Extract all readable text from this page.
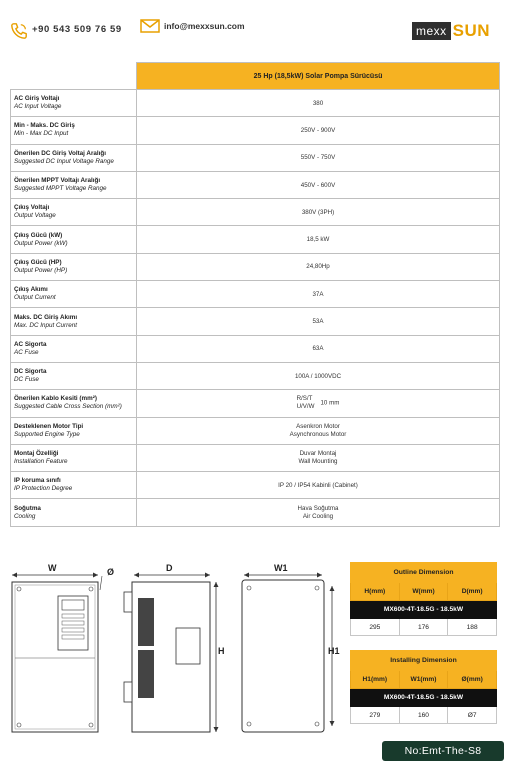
+90 543 509 76 59	info@mexxsun.com	mexx SUN
	25 Hp (18,5kW) Solar Pompa Sürücüsü

AC Giriş Voltajı
AC Input Voltage	380

Min - Maks. DC Giriş
Min - Max DC Input	250V - 900V

Önerilen DC Giriş Voltaj Aralığı
Suggested DC Input Voltage Range	550V - 750V

Önerilen MPPT Voltajı Aralığı
Suggested MPPT Voltage Range	450V - 600V

Çıkış Voltajı
Output Voltage	380V (3PH)

Çıkış Gücü (kW)
Output Power (kW)	18,5 kW

Çıkış Gücü (HP)
Output Power (HP)	24,80Hp

Çıkış Akımı
Output Current	37A

Maks. DC Giriş Akımı
Max. DC Input Current	53A

AC Sigorta
AC Fuse	63A

DC Sigorta
DC Fuse	100A / 1000VDC

Önerilen Kablo Kesiti (mm²)
Suggested Cable Cross Section (mm²)	R/S/T
U/V/W 10 mm

Desteklenen Motor Tipi
Supported Engine Type	Asenkron Motor
Asynchronous Motor

Montaj Özelliği
Installation Feature	Duvar Montaj
Wall Mounting

IP koruma sınıfı
IP Protection Degree	IP 20 / IP54 Kabinli (Cabinet)

Soğutma
Cooling	Hava Soğutma
Air Cooling
W	Ø	D
H
W1
H1
Outline Dimension		
H(mm)	W(mm)	D(mm)
MX600-4T-18.5G - 18.5kW		
295	176	188
Installing Dimension		
H1(mm)	W1(mm)	Ø(mm)
MX600-4T-18.5G - 18.5kW		
279	160	Ø7
No:Emt-The-S8
